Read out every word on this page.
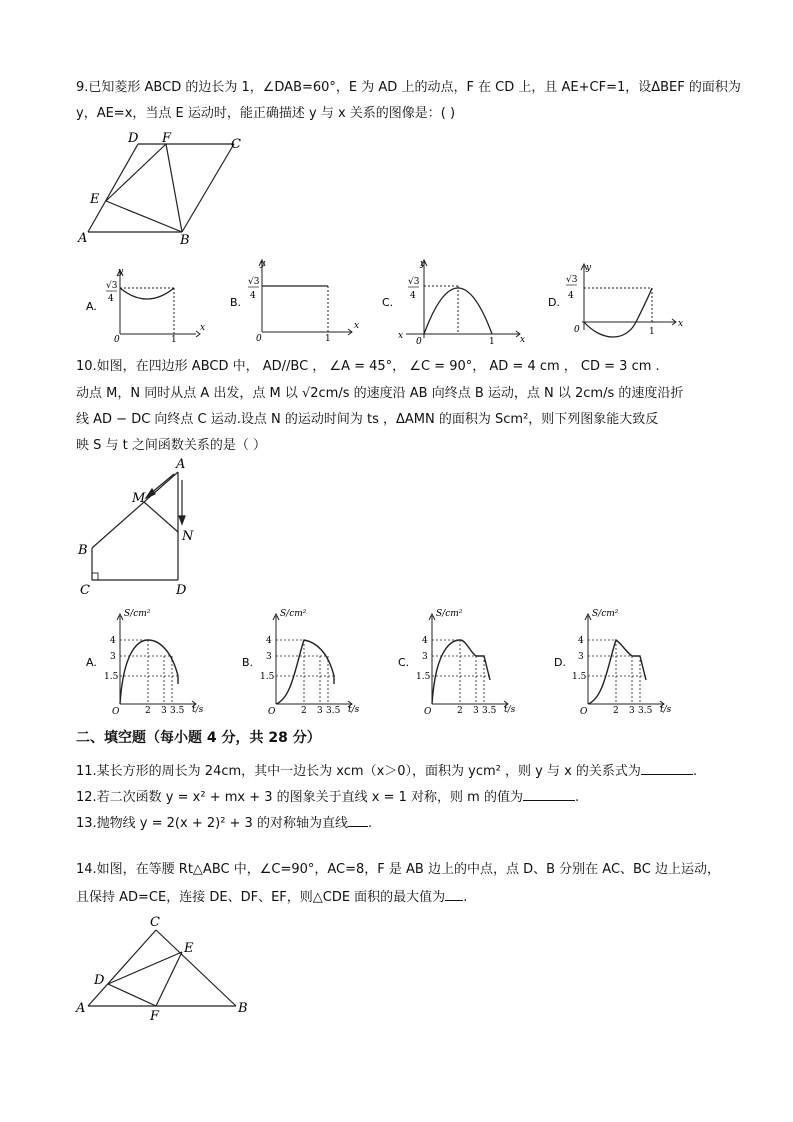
9.已知菱形 ABCD 的边长为 1，∠DAB=60°，E 为 AD 上的动点，F 在 CD 上，且 AE+CF=1，设ΔBEF 的面积为
y，AE=x，当点 E 运动时，能正确描述 y 与 x 关系的图像是：( )
D F	C
E
A	B
A.
y
x
√3
4
0	1
B.
y
x
√3
4
0	1
C.
y
x
√3
4
x
0	1
D.
y
x
√3
4
0	1
10.如图，在四边形 ABCD 中， AD//BC ， ∠A = 45°， ∠C = 90°， AD = 4 cm ， CD = 3 cm .
动点 M，N 同时从点 A 出发，点 M 以 √2cm/s 的速度沿 AB 向终点 B 运动，点 N 以 2cm/s 的速度沿折
线 AD − DC 向终点 C 运动.设点 N 的运动时间为 ts ，ΔAMN 的面积为 Scm²，则下列图象能大致反
映 S 与 t 之间函数关系的是（ ）
A
M
N
B
C	D
A.
S/cm²
t/s
4
3
1.5
O	2 3 3.5
B.
S/cm²
t/s
4
3
1.5
O	2 3 3.5
C.
S/cm²
t/s
4
3
1.5
O	2 3 3.5
D.
S/cm²
t/s
4
3
1.5
O	2 3 3.5
二、填空题（每小题 4 分，共 28 分）
11.某长方形的周长为 24cm，其中一边长为 xcm（x＞0），面积为 ycm² ，则 y 与 x 的关系式为	.
12.若二次函数 y = x² + mx + 3 的图象关于直线 x = 1 对称，则 m 的值为	.
13.抛物线 y = 2(x + 2)² + 3 的对称轴为直线 .
14.如图，在等腰 Rt△ABC 中，∠C=90°，AC=8，F 是 AB 边上的中点，点 D、B 分别在 AC、BC 边上运动，
且保持 AD=CE，连接 DE、DF、EF，则△CDE 面积的最大值为 .
C
E
D
A
F
B
